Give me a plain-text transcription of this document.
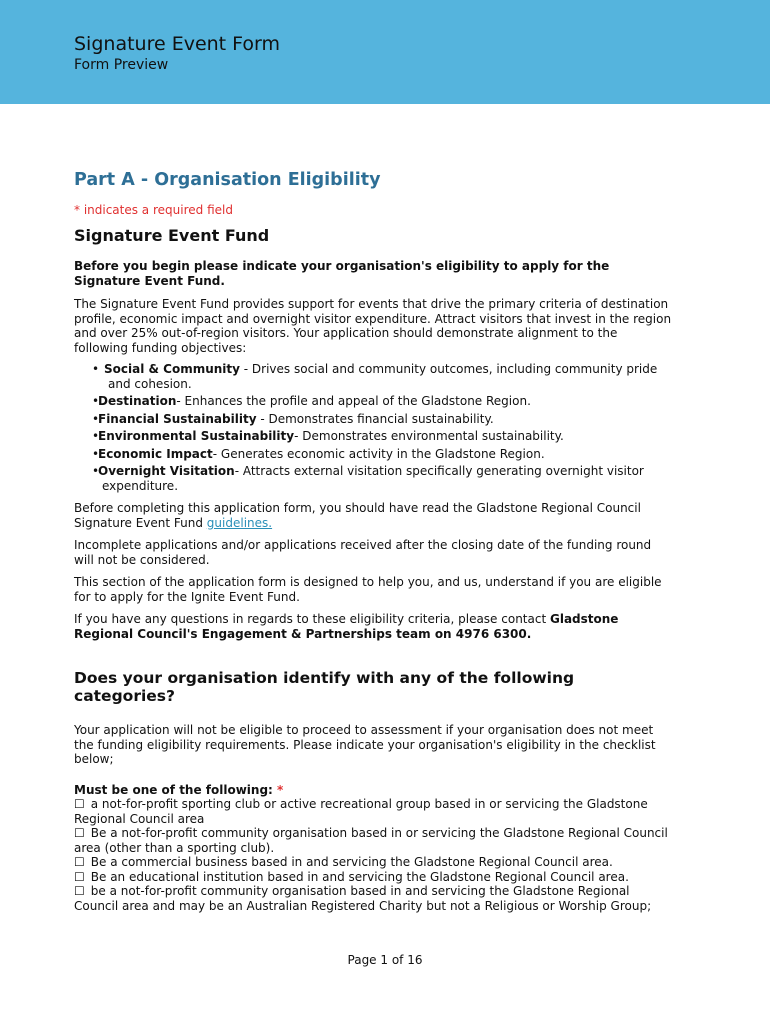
Signature Event Form
Form Preview
Part A - Organisation Eligibility
* indicates a required field
Signature Event Fund
Before you begin please indicate your organisation's eligibility to apply for the Signature Event Fund.

The Signature Event Fund provides support for events that drive the primary criteria of destination profile, economic impact and overnight visitor expenditure. Attract visitors that invest in the region and over 25% out-of-region visitors. Your application should demonstrate alignment to the following funding objectives:

• Social & Community - Drives social and community outcomes, including community pride and cohesion.
•
Destination- Enhances the profile and appeal of the Gladstone Region.
•
Financial Sustainability - Demonstrates financial sustainability.
•
Environmental Sustainability- Demonstrates environmental sustainability.
•
Economic Impact- Generates economic activity in the Gladstone Region.
•
Overnight Visitation- Attracts external visitation specifically generating overnight visitor expenditure.

Before completing this application form, you should have read the Gladstone Regional Council Signature Event Fund guidelines.

Incomplete applications and/or applications received after the closing date of the funding round will not be considered.

This section of the application form is designed to help you, and us, understand if you are eligible for to apply for the Ignite Event Fund.

If you have any questions in regards to these eligibility criteria, please contact Gladstone Regional Council's Engagement & Partnerships team on 4976 6300.

Does your organisation identify with any of the following categories?

Your application will not be eligible to proceed to assessment if your organisation does not meet the funding eligibility requirements. Please indicate your organisation's eligibility in the checklist below;

Must be one of the following: *
☐ a not-for-profit sporting club or active recreational group based in or servicing the Gladstone Regional Council area
☐ Be a not-for-profit community organisation based in or servicing the Gladstone Regional Council area (other than a sporting club).
☐ Be a commercial business based in and servicing the Gladstone Regional Council area.
☐ Be an educational institution based in and servicing the Gladstone Regional Council area.
☐ be a not-for-profit community organisation based in and servicing the Gladstone Regional Council area and may be an Australian Registered Charity but not a Religious or Worship Group;
Page 1 of 16
